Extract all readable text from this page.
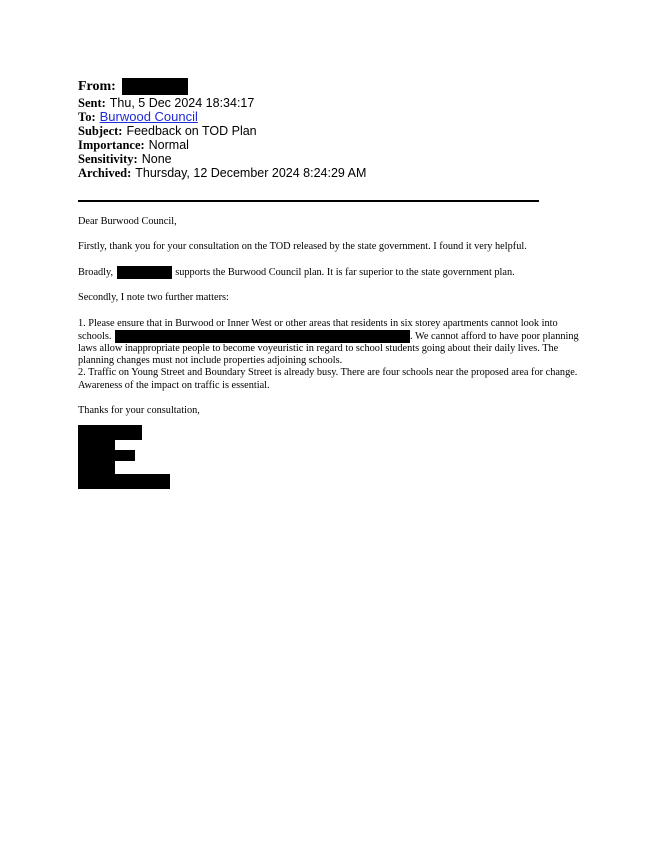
From:
Sent: Thu, 5 Dec 2024 18:34:17
To: Burwood Council
Subject: Feedback on TOD Plan
Importance: Normal
Sensitivity: None
Archived: Thursday, 12 December 2024 8:24:29 AM

Dear Burwood Council,

Firstly, thank you for your consultation on the TOD released by the state government. I found it very helpful.

Broadly,	supports the Burwood Council plan. It is far superior to the state government plan.

Secondly, I note two further matters:

1. Please ensure that in Burwood or Inner West or other areas that residents in six storey apartments cannot look into schools.	. We cannot afford to have poor planning laws allow inappropriate people to become voyeuristic in regard to school students going about their daily lives. The planning changes must not include properties adjoining schools.
2. Traffic on Young Street and Boundary Street is already busy. There are four schools near the proposed area for change. Awareness of the impact on traffic is essential.

Thanks for your consultation,
